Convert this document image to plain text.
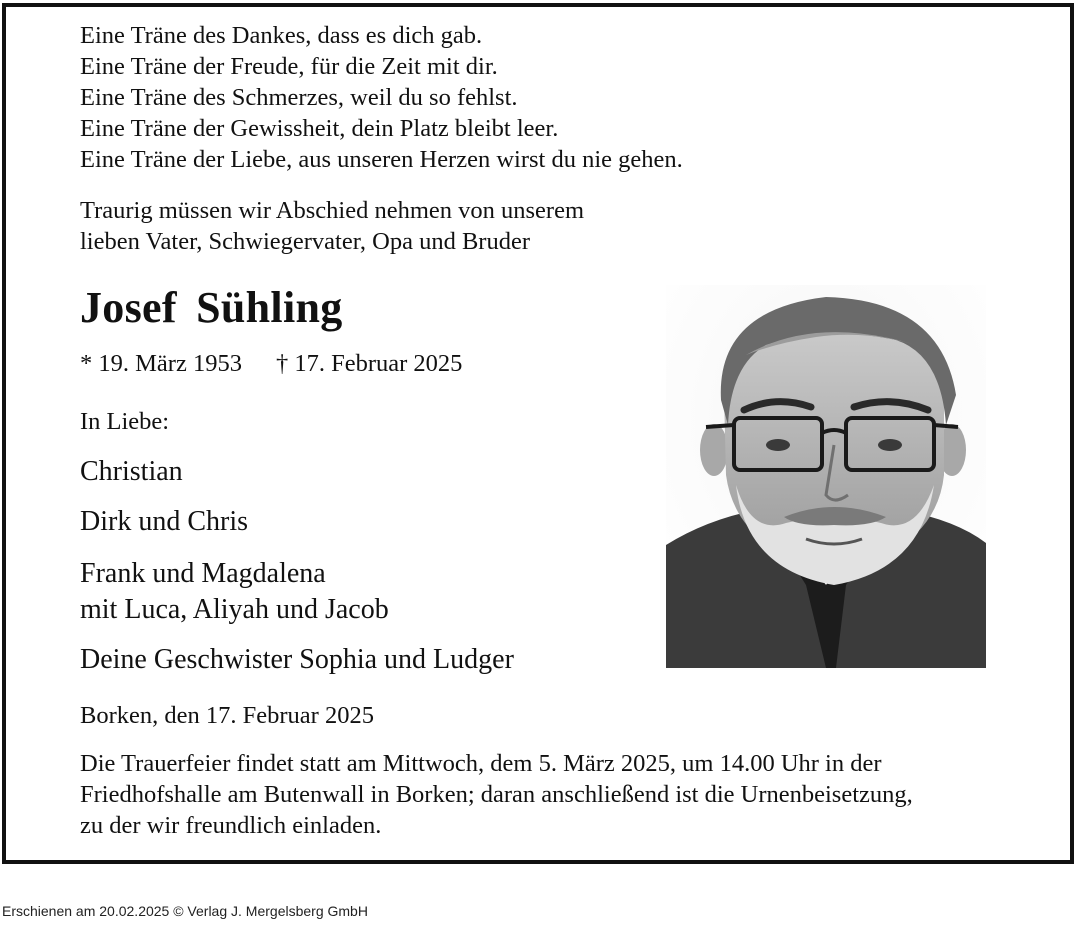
Eine Träne des Dankes, dass es dich gab.
Eine Träne der Freude, für die Zeit mit dir.
Eine Träne des Schmerzes, weil du so fehlst.
Eine Träne der Gewissheit, dein Platz bleibt leer.
Eine Träne der Liebe, aus unseren Herzen wirst du nie gehen.
Traurig müssen wir Abschied nehmen von unserem
lieben Vater, Schwiegervater, Opa und Bruder
Josef Sühling
* 19. März 1953 † 17. Februar 2025
In Liebe:
Christian
Dirk und Chris
Frank und Magdalena
mit Luca, Aliyah und Jacob
Deine Geschwister Sophia und Ludger
Borken, den 17. Februar 2025
Die Trauerfeier findet statt am Mittwoch, dem 5. März 2025, um 14.00 Uhr in der
Friedhofshalle am Butenwall in Borken; daran anschließend ist die Urnenbeisetzung,
zu der wir freundlich einladen.
Erschienen am 20.02.2025 © Verlag J. Mergelsberg GmbH
